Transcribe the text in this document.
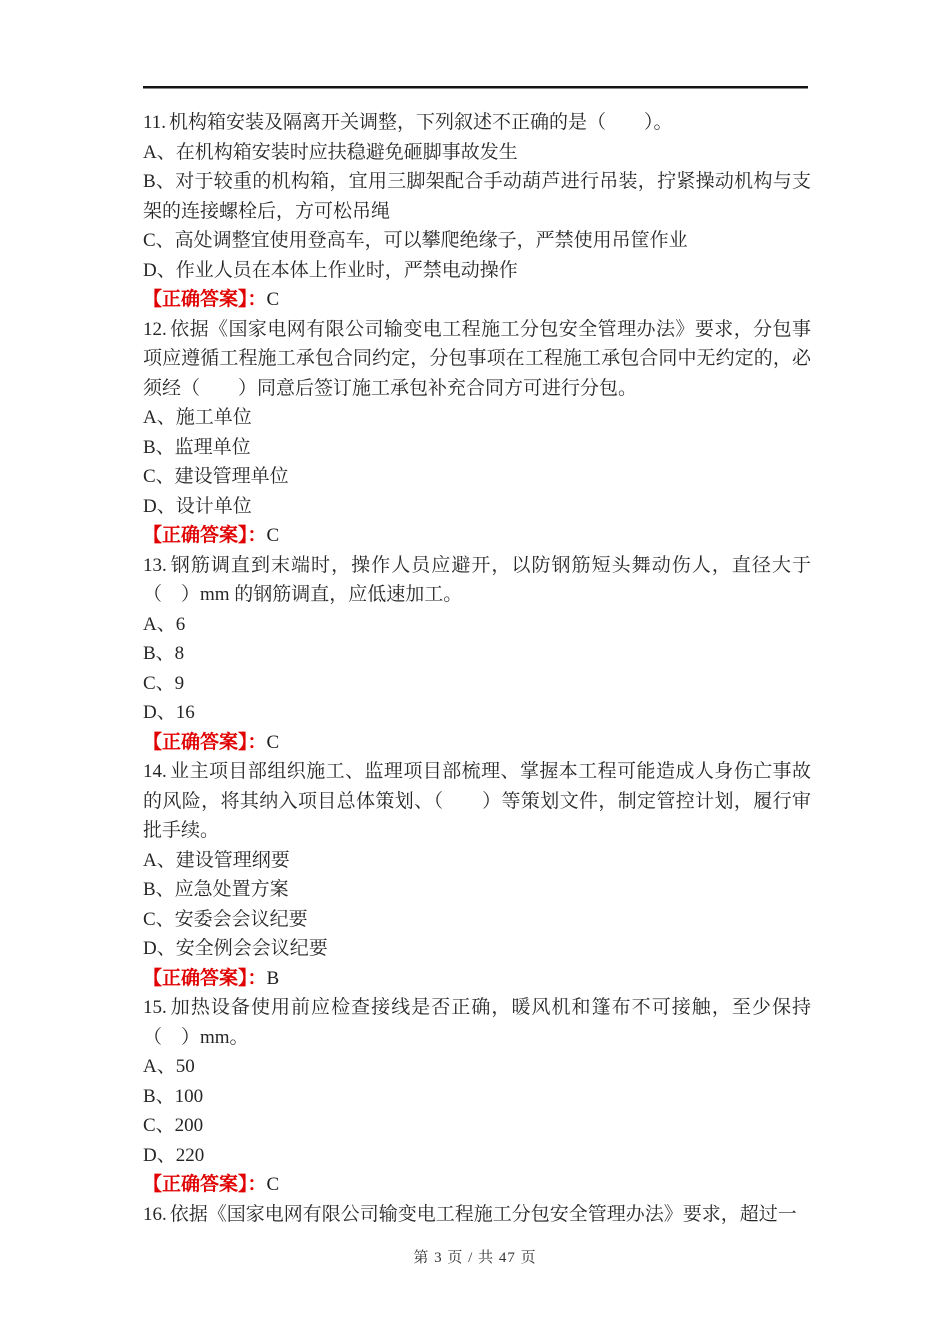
11. 机构箱安装及隔离开关调整，下列叙述不正确的是（　　）。

A、在机构箱安装时应扶稳避免砸脚事故发生

B、对于较重的机构箱，宜用三脚架配合手动葫芦进行吊装，拧紧操动机构与支架的连接螺栓后，方可松吊绳

C、高处调整宜使用登高车，可以攀爬绝缘子，严禁使用吊筐作业

D、作业人员在本体上作业时，严禁电动操作

【正确答案】：C

12. 依据《国家电网有限公司输变电工程施工分包安全管理办法》要求，分包事项应遵循工程施工承包合同约定，分包事项在工程施工承包合同中无约定的，必须经（　　）同意后签订施工承包补充合同方可进行分包。

A、施工单位

B、监理单位

C、建设管理单位

D、设计单位

【正确答案】：C

13. 钢筋调直到末端时，操作人员应避开，以防钢筋短头舞动伤人，直径大于（　）mm 的钢筋调直，应低速加工。

A、6

B、8

C、9

D、16

【正确答案】：C

14. 业主项目部组织施工、监理项目部梳理、掌握本工程可能造成人身伤亡事故的风险，将其纳入项目总体策划、（　　）等策划文件，制定管控计划，履行审批手续。

A、建设管理纲要

B、应急处置方案

C、安委会会议纪要

D、安全例会会议纪要

【正确答案】：B

15. 加热设备使用前应检查接线是否正确，暖风机和篷布不可接触，至少保持（　）mm。

A、50

B、100

C、200

D、220

【正确答案】：C

16. 依据《国家电网有限公司输变电工程施工分包安全管理办法》要求，超过一

第 3 页 / 共 47 页
